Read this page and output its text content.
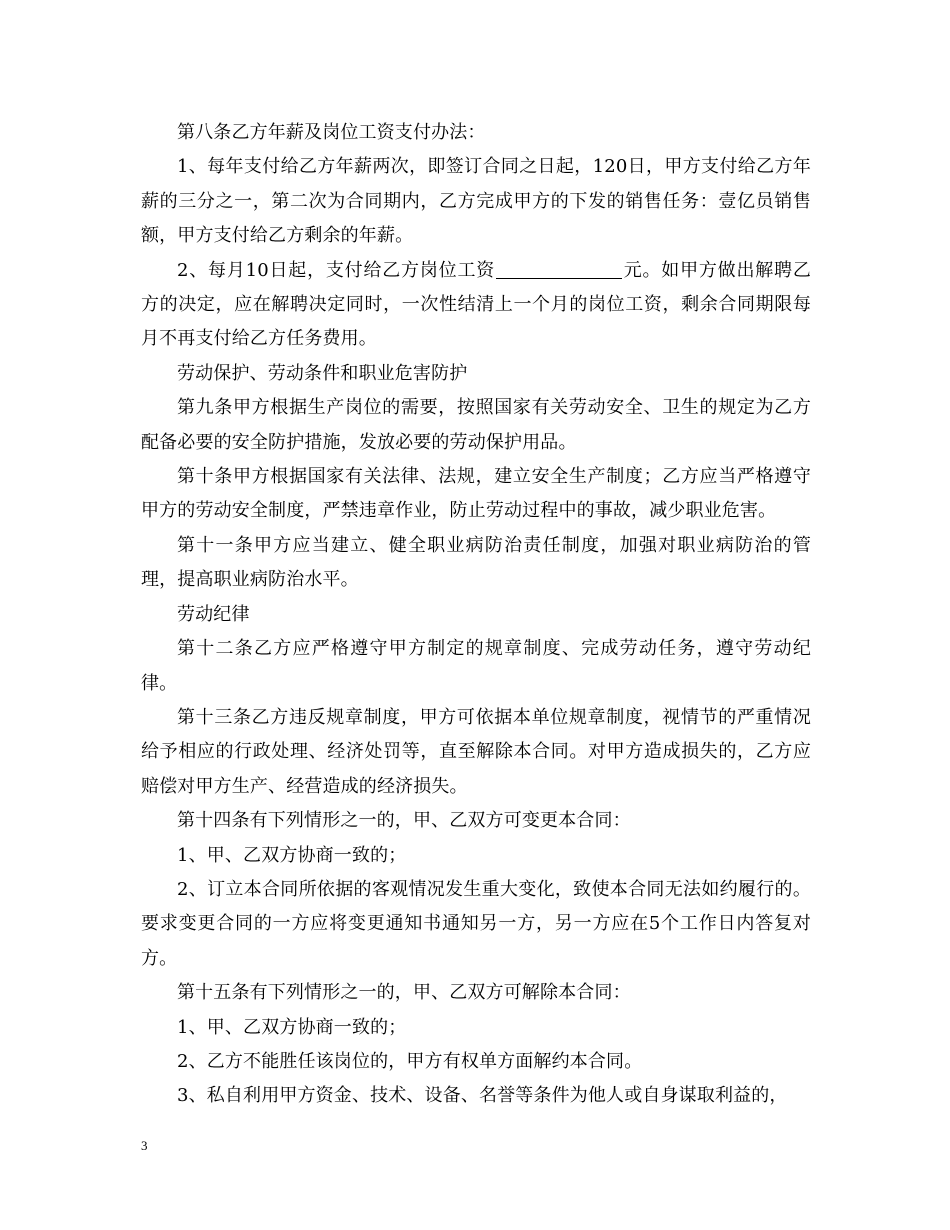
第八条乙方年薪及岗位工资支付办法：

1、每年支付给乙方年薪两次，即签订合同之日起，120日，甲方支付给乙方年薪的三分之一，第二次为合同期内，乙方完成甲方的下发的销售任务：壹亿员销售额，甲方支付给乙方剩余的年薪。

2、每月10日起，支付给乙方岗位工资	元。如甲方做出解聘乙方的决定，应在解聘决定同时，一次性结清上一个月的岗位工资，剩余合同期限每月不再支付给乙方任务费用。

劳动保护、劳动条件和职业危害防护

第九条甲方根据生产岗位的需要，按照国家有关劳动安全、卫生的规定为乙方配备必要的安全防护措施，发放必要的劳动保护用品。

第十条甲方根据国家有关法律、法规，建立安全生产制度；乙方应当严格遵守甲方的劳动安全制度，严禁违章作业，防止劳动过程中的事故，减少职业危害。

第十一条甲方应当建立、健全职业病防治责任制度，加强对职业病防治的管理，提高职业病防治水平。

劳动纪律

第十二条乙方应严格遵守甲方制定的规章制度、完成劳动任务，遵守劳动纪律。

第十三条乙方违反规章制度，甲方可依据本单位规章制度，视情节的严重情况给予相应的行政处理、经济处罚等，直至解除本合同。对甲方造成损失的，乙方应赔偿对甲方生产、经营造成的经济损失。

第十四条有下列情形之一的，甲、乙双方可变更本合同：

1、甲、乙双方协商一致的；

2、订立本合同所依据的客观情况发生重大变化，致使本合同无法如约履行的。要求变更合同的一方应将变更通知书通知另一方，另一方应在5个工作日内答复对方。

第十五条有下列情形之一的，甲、乙双方可解除本合同：

1、甲、乙双方协商一致的；

2、乙方不能胜任该岗位的，甲方有权单方面解约本合同。

3、私自利用甲方资金、技术、设备、名誉等条件为他人或自身谋取利益的，

3
